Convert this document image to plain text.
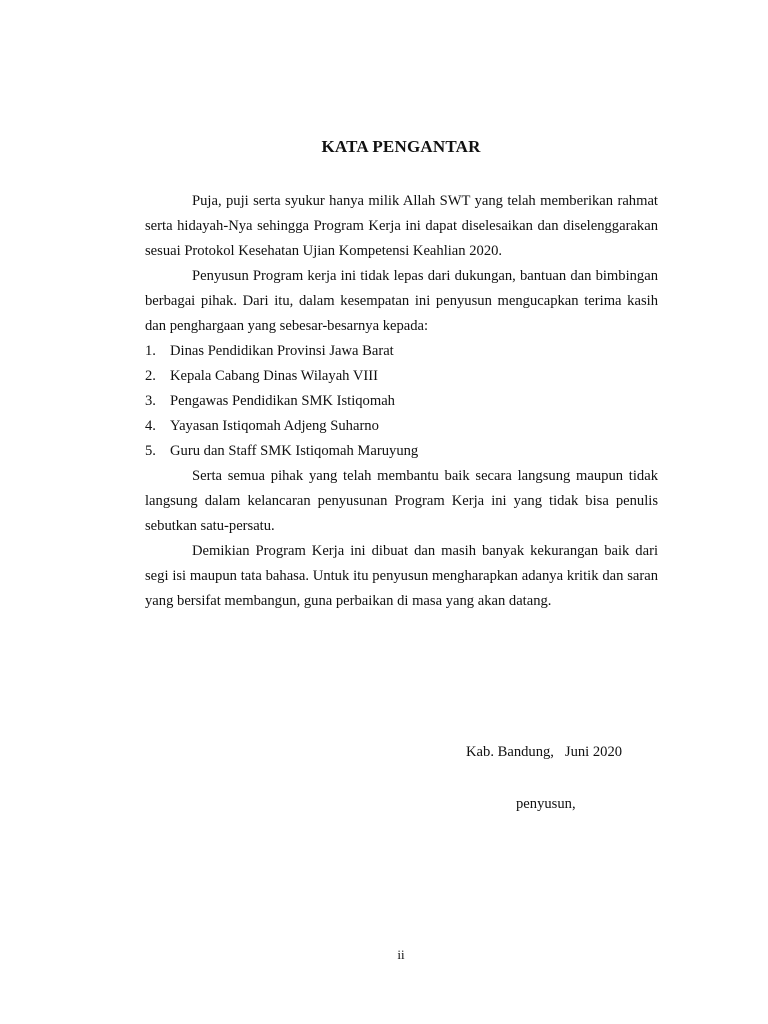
KATA PENGANTAR

Puja, puji serta syukur hanya milik Allah SWT yang telah memberikan rahmat serta hidayah-Nya sehingga Program Kerja ini dapat diselesaikan dan diselenggarakan sesuai Protokol Kesehatan Ujian Kompetensi Keahlian 2020.

Penyusun Program kerja ini tidak lepas dari dukungan, bantuan dan bimbingan berbagai pihak. Dari itu, dalam kesempatan ini penyusun mengucapkan terima kasih dan penghargaan yang sebesar-besarnya kepada:

1. Dinas Pendidikan Provinsi Jawa Barat
2. Kepala Cabang Dinas Wilayah VIII
3. Pengawas Pendidikan SMK Istiqomah
4. Yayasan Istiqomah Adjeng Suharno
5. Guru dan Staff SMK Istiqomah Maruyung

Serta semua pihak yang telah membantu baik secara langsung maupun tidak langsung dalam kelancaran penyusunan Program Kerja ini yang tidak bisa penulis sebutkan satu-persatu.

Demikian Program Kerja ini dibuat dan masih banyak kekurangan baik dari segi isi maupun tata bahasa. Untuk itu penyusun mengharapkan adanya kritik dan saran yang bersifat membangun, guna perbaikan di masa yang akan datang.

Kab. Bandung,   Juni 2020
penyusun,
ii
